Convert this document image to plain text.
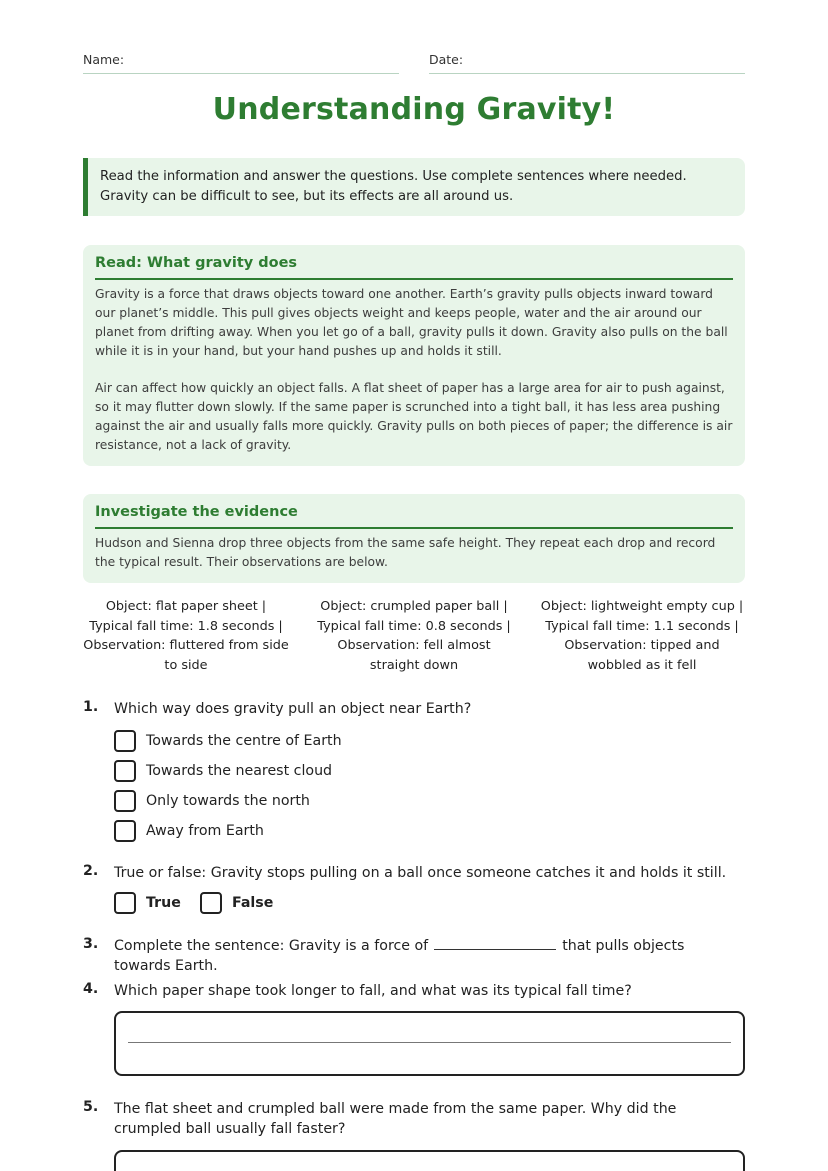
Name:	Date:
Understanding Gravity!
Read the information and answer the questions. Use complete sentences where needed. Gravity can be difficult to see, but its effects are all around us.
Read: What gravity does

Gravity is a force that draws objects toward one another. Earth’s gravity pulls objects inward toward our planet’s middle. This pull gives objects weight and keeps people, water and the air around our planet from drifting away. When you let go of a ball, gravity pulls it down. Gravity also pulls on the ball while it is in your hand, but your hand pushes up and holds it still.

Air can affect how quickly an object falls. A flat sheet of paper has a large area for air to push against, so it may flutter down slowly. If the same paper is scrunched into a tight ball, it has less area pushing against the air and usually falls more quickly. Gravity pulls on both pieces of paper; the difference is air resistance, not a lack of gravity.

Investigate the evidence

Hudson and Sienna drop three objects from the same safe height. They repeat each drop and record the typical result. Their observations are below.

Object: flat paper sheet | Typical fall time: 1.8 seconds | Observation: fluttered from side to side
Object: crumpled paper ball | Typical fall time: 0.8 seconds | Observation: fell almost straight down
Object: lightweight empty cup | Typical fall time: 1.1 seconds | Observation: tipped and wobbled as it fell
1. Which way does gravity pull an object near Earth?
Towards the centre of Earth
Towards the nearest cloud
Only towards the north
Away from Earth
2. True or false: Gravity stops pulling on a ball once someone catches it and holds it still.
True	False
3. Complete the sentence: Gravity is a force of	that pulls objects towards Earth.
4. Which paper shape took longer to fall, and what was its typical fall time?
5. The flat sheet and crumpled ball were made from the same paper. Why did the crumpled ball usually fall faster?
